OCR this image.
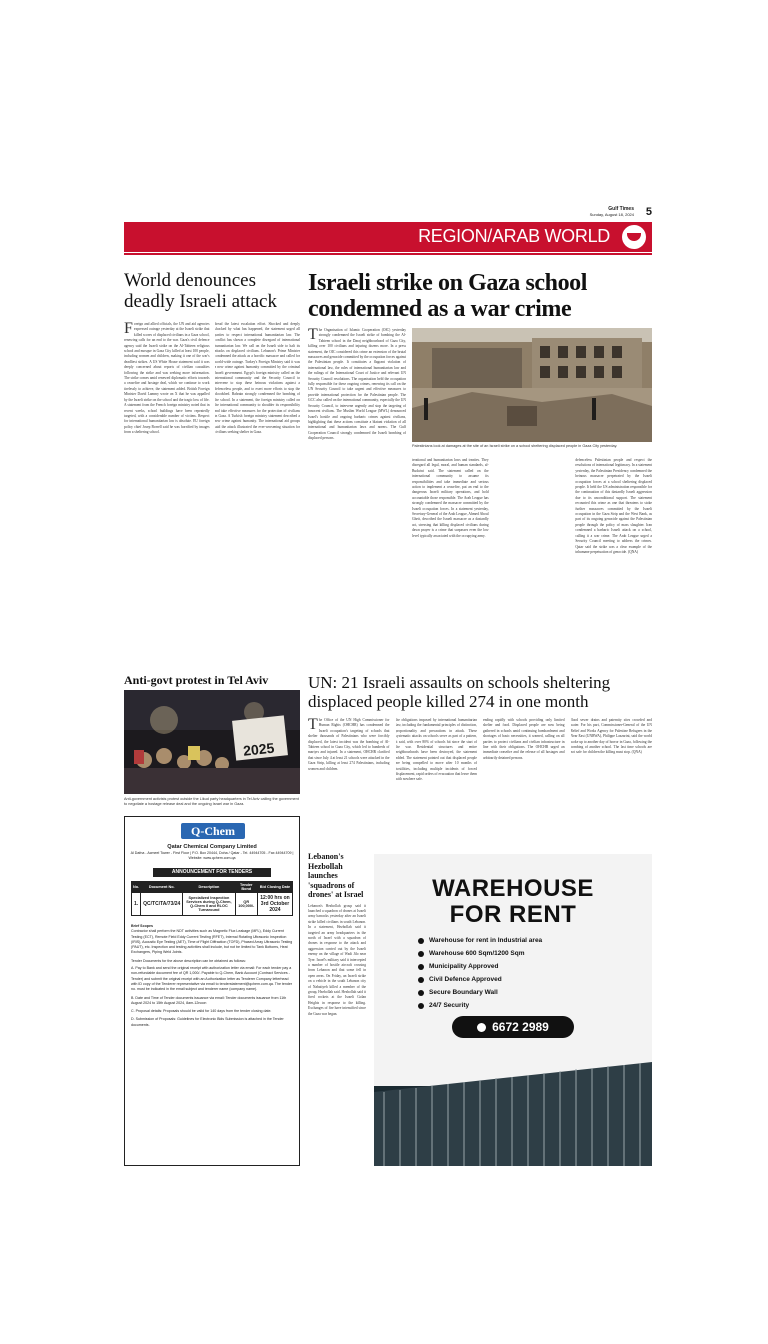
Gulf Times
Sunday, August 18, 2024 5
REGION/ARAB WORLD
World denounces deadly Israeli attack
Foreign and allied officials, the UN and aid agencies expressed outrage yesterday at the Israeli strike that killed scores of displaced civilians in a Gaza school, renewing calls for an end to the war. Gaza's civil defence agency said the Israeli strike on the Al-Tabieen religious school and mosque in Gaza City killed at least 100 people, including women and children, making it one of the war's deadliest strikes. A US White House statement said it was deeply concerned about reports of civilian casualties following the strike and was seeking more information. The strike comes amid renewed diplomatic efforts towards a ceasefire and hostage deal, which we continue to work tirelessly to achieve, the statement added. British Foreign Minister David Lammy wrote on X that he was appalled by the Israeli strike on the school and the tragic loss of life. A statement from the French foreign ministry noted that in recent weeks, school buildings have been repeatedly targeted, with a considerable number of victims. Respect for international humanitarian law is absolute. EU foreign policy chief Josep Borrell said he was horrified by images from a sheltering school.
dread the latest escalation effort. Shocked and deeply shocked by what has happened, the statement urged all parties to respect international humanitarian law. The conflict has shown a complete disregard of international humanitarian law. We call on the Israeli side to halt its attacks on displaced civilians. Lebanon's Prime Minister condemned the attack as a horrific massacre and called for world-wide outrage. Turkey's Foreign Ministry said it was a new crime against humanity committed by the criminal Israeli government. Egypt's foreign ministry called on the international community and the Security Council to intervene to stop these heinous violations against a defenceless people, and to exert more efforts to stop the bloodshed. Bahrain strongly condemned the bombing of the school. In a statement, the foreign ministry called on the international community to shoulder its responsibility and take effective measures for the protection of civilians in Gaza. A Turkish foreign ministry statement described a new crime against humanity. The international aid groups said the attack illustrated the ever-worsening situation for civilians seeking shelter in Gaza.
Israeli strike on Gaza school condemned as a war crime
The Organisation of Islamic Cooperation (OIC) yesterday strongly condemned the Israeli strike of bombing the Al-Tabieen school in the Daraj neighbourhood of Gaza City, killing over 100 civilians and injuring dozens more. In a press statement, the OIC considered this crime an extension of the brutal massacres and genocide committed by the occupation forces against the Palestinian people. It constitutes a flagrant violation of international law, the rules of international humanitarian law and the rulings of the International Court of Justice and relevant UN Security Council resolutions. The organisation held the occupation fully responsible for these ongoing crimes, renewing its call on the UN Security Council to take urgent and effective measures to provide international protection for the Palestinian people. The GCC also called on the international community, especially the UN Security Council, to intervene urgently and stop the targeting of innocent civilians. The Muslim World League (MWL) denounced Israel's hostile and ongoing barbaric crimes against civilians, highlighting that these actions constitute a blatant violation of all international and humanitarian laws and norms. The Gulf Cooperation Council strongly condemned the Israeli bombing of displaced persons.
Palestinians look at damages at the site of an Israeli strike on a school sheltering displaced people in Gaza City yesterday.
terational and humanitarian laws and treaties. They disregard all legal, moral, and human standards, al-Budaiwi said. The statement called on the international community to assume its responsibilities and take immediate and serious action to implement a ceasefire, put an end to the dangerous Israeli military operations, and hold accountable those responsible. The Arab League has strongly condemned the massacre committed by the Israeli occupation forces. In a statement yesterday, Secretary-General of the Arab League, Ahmed Aboul Gheit, described the Israeli massacre as a dastardly act, stressing that killing displaced civilians during dawn prayer is a crime that surpasses even the low level typically associated with the occupying army.
defenceless Palestinian people and respect the resolutions of international legitimacy. In a statement yesterday, the Palestinian Presidency condemned the heinous massacre perpetrated by the Israeli occupation forces at a school sheltering displaced people. It held the US administration responsible for the continuation of this dastardly Israeli aggression due to its unconditional support. The statement recounted this crime as one that threatens to stoke further massacres committed by the Israeli occupation in the Gaza Strip and the West Bank, as part of its ongoing genocide against the Palestinian people through the policy of mass slaughter. Iran condemned a barbaric Israeli attack on a school, calling it a war crime. The Arab League urged a Security Council meeting to address the crimes. Qatar said the strike was a clear example of the inhumane perpetuation of genocide. (QNA)
Anti-govt protest in Tel Aviv
2025
Anti-government activists protest outside the Likud party headquarters in Tel Aviv calling the government to negotiate a hostage release deal and the ongoing Israel war in Gaza.
UN: 21 Israeli assaults on schools sheltering displaced people killed 274 in one month
The Office of the UN High Commissioner for Human Rights (OHCHR) has condemned the Israeli occupation's targeting of schools that shelter thousands of Palestinians who were forcibly displaced, the latest incident was the bombing of Al-Tabieen school in Gaza City, which led to hundreds of martyrs and injured. In a statement, OHCHR clarified that since July 4 at least 21 schools were attacked in the Gaza Strip, killing at least 274 Palestinians, including women and children.
the obligations imposed by international humanitarian law, including the fundamental principles of distinction, proportionality and precautions in attack. These systematic attacks on schools serve as part of a pattern, it said, with over 80% of schools hit since the start of the war. Residential structures and entire neighbourhoods have been destroyed, the statement added. The statement pointed out that displaced people are being compelled to move after 10 months of hostilities, including multiple incidents of forced displacement, rapid orders of evacuation that leave them with nowhere safe.
ending rapidly with schools providing only limited shelter and food. Displaced people are now being gathered in schools amid continuing bombardment and shortages of basic necessities, it warned, calling on all parties to protect civilians and civilian infrastructure in line with their obligations. The OHCHR urged an immediate ceasefire and the release of all hostages and arbitrarily detained persons.
flood sewer drains and paternity sites crowded and water. For his part, Commissioner-General of the UN Relief and Works Agency for Palestine Refugees in the Near East (UNRWA), Philippe Lazzarini, said the world woke up to another day of horror in Gaza, following the bombing of another school. The last time schools are not safe for children the killing must stop. (QNA)
Q-Chem
Qatar Chemical Company Limited
Al Dafna - Acmeel Tower - First Floor | P.O. Box 20444, Doha / Qatar - Tel. 44944705 - Fax 44944709 | Website: www.qchem.com.qa
ANNOUNCEMENT FOR TENDERS
No.	Document No.	Description	Tender Bond	Bid Closing Date
1.	QC/TC/TA/73/24	Specialized Inspection Services during Q-Chem, Q-Chem II and RLOC Turnaround	QR 100,000/-	12:00 hrs on 3rd October 2024
Brief Scopes
Contractor shall perform the NDT activities such as Magnetic Flux Leakage (MFL), Eddy Current Testing (ECT), Remote Field Eddy Current Testing (RFET), Internal Rotating Ultrasonic Inspection (IRIS), Acoustic Eye Testing (AET), Time of Flight Diffraction (TOFD), Phased Array Ultrasonic Testing (PAUT), etc. Inspection and testing activities shall include, but not be limited to Tank Bottoms, Heat Exchangers, Piping Weld Joints.
Tender Documents for the above description can be obtained as follows:
A. Pay to Bank and send the original receipt with authorization letter via email: For each tender pay a non-refundable document fee of QR 1,000/- Payable to Q-Chem, Bank Account (Contract Services - Tender) and submit the original receipt with an Authorization letter as Tenderer Company letterhead with ID copy of the Tenderer representative via email to tenderstatement@qchem.com.qa. The tender no. must be indicated in the email subject and tenderer name (company name).
B. Date and Time of Tender documents issuance via email: Tender documents issuance from 11th August 2024 to 15th August 2024, 8am-12noon
C. Proposal details: Proposals should be valid for 140 days from the tender closing date.
D. Submission of Proposals: Guidelines for Electronic Bids Submission is attached in the Tender documents.
Lebanon's Hezbollah launches 'squadrons of drones' at Israel
Lebanon's Hezbollah group said it launched a squadron of drones at Israeli army barracks yesterday after an Israeli strike killed civilians in south Lebanon. In a statement, Hezbollah said it targeted an army headquarters in the north of Israel with a squadron of drones in response to the attack and aggression carried out by the Israeli enemy on the village of Wadi Jilo near Tyre. Israel's military said it intercepted a number of hostile aircraft crossing from Lebanon and that some fell in open areas. On Friday, an Israeli strike on a vehicle in the south Lebanon city of Nabatiyeh killed a member of the group, Hezbollah said. Hezbollah said it fired rockets at the Israeli Golan Heights in response to the killing. Exchanges of fire have intensified since the Gaza war began.
WAREHOUSE
FOR RENT
Warehouse for rent in Industrial area
Warehouse 600 Sqm/1200 Sqm
Municipality Approved
Civil Defence Approved
Secure Boundary Wall
24/7 Security
6672 2989
